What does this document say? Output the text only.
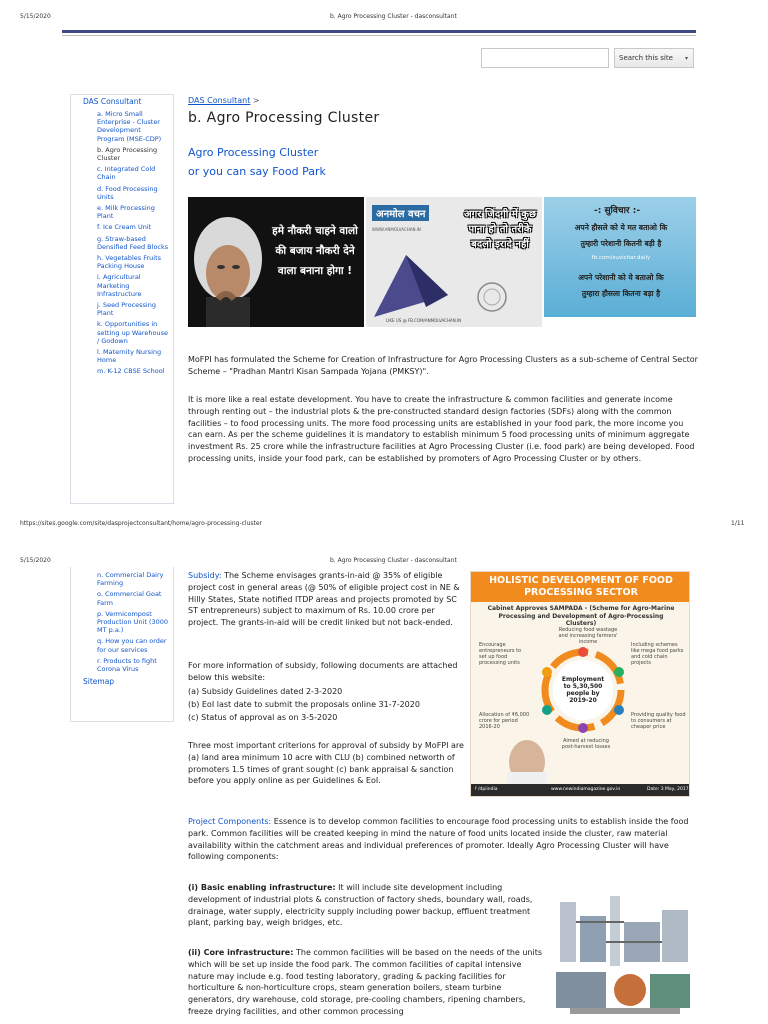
5/15/2020	b. Agro Processing Cluster - dasconsultant
Search this site ▾
DAS Consultant
a. Micro Small Enterprise - Cluster Development Program (MSE-CDP)
b. Agro Processing Cluster
c. Integrated Cold Chain
d. Food Processing Units
e. Milk Processing Plant
f. Ice Cream Unit
g. Straw-based Densified Feed Blocks
h. Vegetables Fruits Packing House
i. Agricultural Marketing Infrastructure
j. Seed Processing Plant
k. Opportunities in setting up Warehouse / Godown
l. Maternity Nursing Home
m. K-12 CBSE School
DAS Consultant >
b. Agro Processing Cluster
Agro Processing Cluster
or you can say Food Park
हमे नौकरी चाहने वालो की बजाय नौकरी देने वाला बनाना होगा !
अनमोल वचन
WWW.ANMOLVACHAN.IN
अगर जिंदगी में कुछ पाना हो तो तरीके बदलो इरादे नहीं
LIKE US @ FB.COM/ANMOLVACHAN.IN
-: सुविचार :-
अपने हौसले को ये मत बताओ कि
तुम्हारी परेशानी कितनी बड़ी है
fb.com/suvichar.daily
अपने परेशानी को ये बताओ कि
तुम्हारा हौसला कितना बड़ा है
MoFPI has formulated the Scheme for Creation of Infrastructure for Agro Processing Clusters as a sub-scheme of Central Sector Scheme – "Pradhan Mantri Kisan Sampada Yojana (PMKSY)".
It is more like a real estate development. You have to create the infrastructure & common facilities and generate income through renting out – the industrial plots & the pre-constructed standard design factories (SDFs) along with the common facilities – to food processing units. The more food processing units are established in your food park, the more income you can earn. As per the scheme guidelines it is mandatory to establish minimum 5 food processing units of minimum aggregate investment Rs. 25 crore while the infrastructure facilities at Agro Processing Cluster (i.e. food park) are being developed. Food processing units, inside your food park, can be established by promoters of Agro Processing Cluster or by others.
https://sites.google.com/site/dasprojectconsultant/home/agro-processing-cluster	1/11
5/15/2020	b. Agro Processing Cluster - dasconsultant
n. Commercial Dairy Farming
o. Commercial Goat Farm
p. Vermicompost Production Unit (3000 MT p.a.)
q. How you can order for our services
r. Products to fight Corona Virus
Sitemap
Subsidy: The Scheme envisages grants-in-aid @ 35% of eligible project cost in general areas (@ 50% of eligible project cost in NE & Hilly States, State notified ITDP areas and projects promoted by SC ST entrepreneurs) subject to maximum of Rs. 10.00 crore per project. The grants-in-aid will be credit linked but not back-ended.
For more information of subsidy, following documents are attached below this website:
(a) Subsidy Guidelines dated 2-3-2020
(b) EoI last date to submit the proposals online 31-7-2020
(c) Status of approval as on 3-5-2020
Three most important criterions for approval of subsidy by MoFPI are (a) land area minimum 10 acre with CLU (b) combined networth of promoters 1.5 times of grant sought (c) bank appraisal & sanction before you apply online as per Guidelines & EoI.
HOLISTIC DEVELOPMENT OF FOOD PROCESSING SECTOR
Cabinet Approves SAMPADA - (Scheme for Agro-Marine Processing and Development of Agro-Processing Clusters)
Employment to 5,30,500 people by 2019-20
Reducing food wastage and increasing farmers' income	Including schemes like mega food parks and cold chain projects
Providing quality food to consumers at cheaper price
Aimed at reducing post-harvest losses
Allocation of ₹6,000 crore for period 2016-20
Encourage entrepreneurs to set up food processing units
f /dpiindia	www.newindiamagazine.gov.in	Date: 3 May, 2017
Project Components: Essence is to develop common facilities to encourage food processing units to establish inside the food park. Common facilities will be created keeping in mind the nature of food units located inside the cluster, raw material availability within the catchment areas and individual preferences of promoter. Ideally Agro Processing Cluster will have following components:
(i) Basic enabling infrastructure: It will include site development including development of industrial plots & construction of factory sheds, boundary wall, roads, drainage, water supply, electricity supply including power backup, effluent treatment plant, parking bay, weigh bridges, etc.
(ii) Core infrastructure: The common facilities will be based on the needs of the units which will be set up inside the food park. The common facilities of capital intensive nature may include e.g. food testing laboratory, grading & packing facilities for horticulture & non-horticulture crops, steam generation boilers, steam turbine generators, dry warehouse, cold storage, pre-cooling chambers, ripening chambers, freeze drying facilities, and other common processing
